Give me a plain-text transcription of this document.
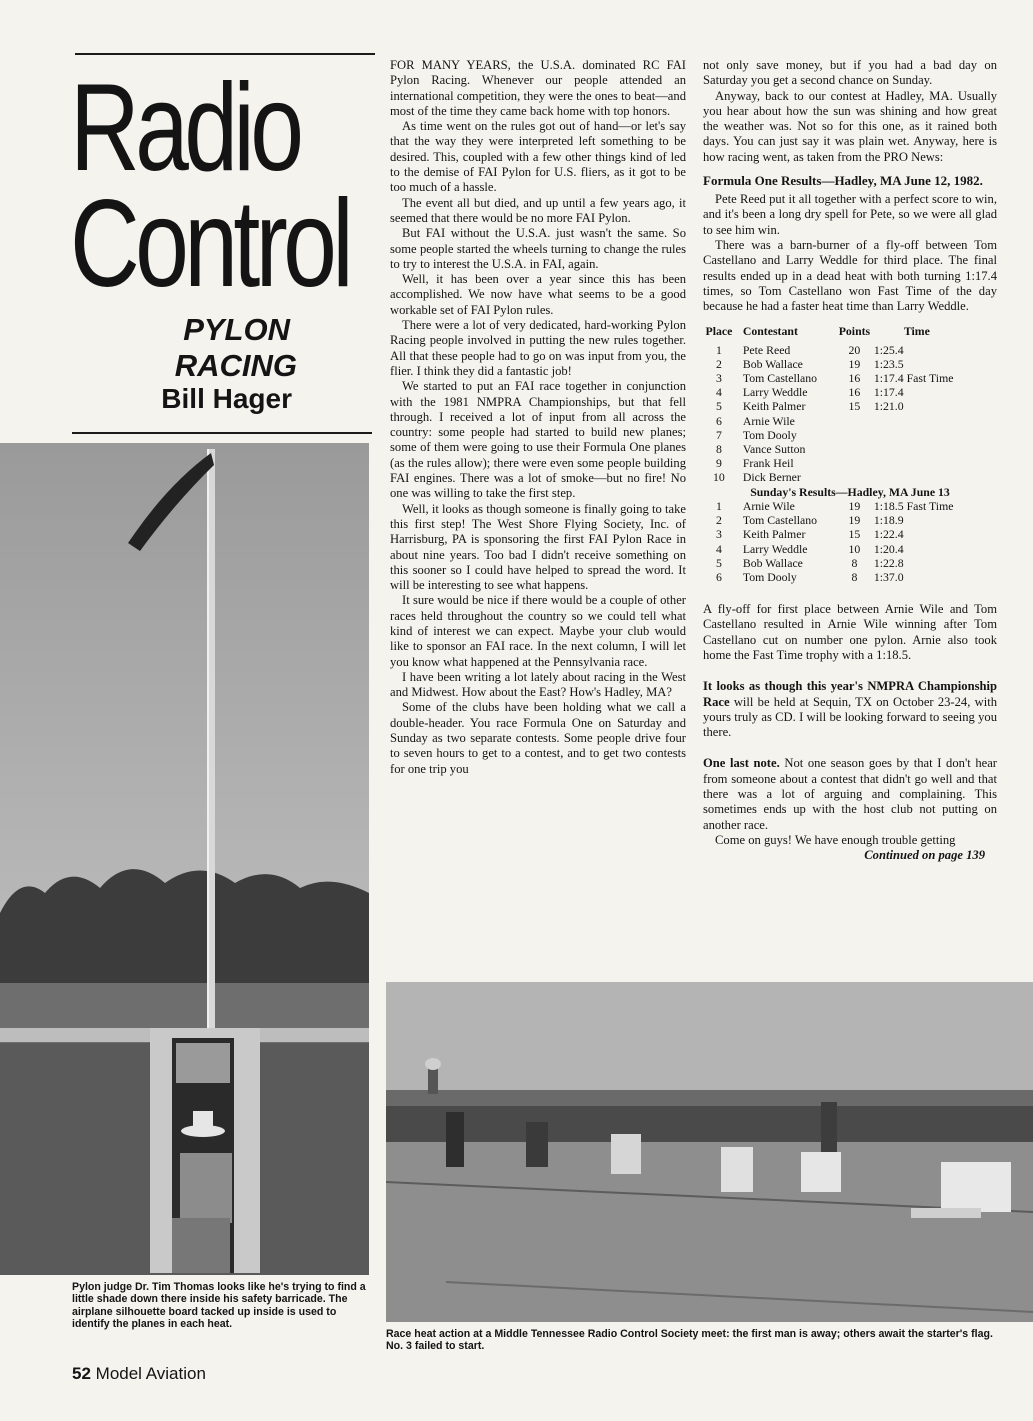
Radio
Control
PYLON
RACING
Bill Hager
Pylon judge Dr. Tim Thomas looks like he's trying to find a little shade down there inside his safety barricade. The airplane silhouette board tacked up inside is used to identify the planes in each heat.

FOR MANY YEARS, the U.S.A. dominated RC FAI Pylon Racing. Whenever our people attended an international competition, they were the ones to beat—and most of the time they came back home with top honors.

As time went on the rules got out of hand—or let's say that the way they were interpreted left something to be desired. This, coupled with a few other things kind of led to the demise of FAI Pylon for U.S. fliers, as it got to be too much of a hassle.

The event all but died, and up until a few years ago, it seemed that there would be no more FAI Pylon.

But FAI without the U.S.A. just wasn't the same. So some people started the wheels turning to change the rules to try to interest the U.S.A. in FAI, again.

Well, it has been over a year since this has been accomplished. We now have what seems to be a good workable set of FAI Pylon rules.

There were a lot of very dedicated, hard-working Pylon Racing people involved in putting the new rules together. All that these people had to go on was input from you, the flier. I think they did a fantastic job!

We started to put an FAI race together in conjunction with the 1981 NMPRA Championships, but that fell through. I received a lot of input from all across the country: some people had started to build new planes; some of them were going to use their Formula One planes (as the rules allow); there were even some people building FAI engines. There was a lot of smoke—but no fire! No one was willing to take the first step.

Well, it looks as though someone is finally going to take this first step! The West Shore Flying Society, Inc. of Harrisburg, PA is sponsoring the first FAI Pylon Race in about nine years. Too bad I didn't receive something on this sooner so I could have helped to spread the word. It will be interesting to see what happens.

It sure would be nice if there would be a couple of other races held throughout the country so we could tell what kind of interest we can expect. Maybe your club would like to sponsor an FAI race. In the next column, I will let you know what happened at the Pennsylvania race.

I have been writing a lot lately about racing in the West and Midwest. How about the East? How's Hadley, MA?

Some of the clubs have been holding what we call a double-header. You race Formula One on Saturday and Sunday as two separate contests. Some people drive four to seven hours to get to a contest, and to get two contests for one trip you

not only save money, but if you had a bad day on Saturday you get a second chance on Sunday.

Anyway, back to our contest at Hadley, MA. Usually you hear about how the sun was shining and how great the weather was. Not so for this one, as it rained both days. You can just say it was plain wet. Anyway, here is how racing went, as taken from the PRO News:

Formula One Results—Hadley, MA June 12, 1982.

Pete Reed put it all together with a perfect score to win, and it's been a long dry spell for Pete, so we were all glad to see him win.

There was a barn-burner of a fly-off between Tom Castellano and Larry Weddle for third place. The final results ended up in a dead heat with both turning 1:17.4 times, so Tom Castellano won Fast Time of the day because he had a faster heat time than Larry Weddle.

Place	Contestant	Points	Time
1	Pete Reed	20	1:25.4
2	Bob Wallace	19	1:23.5
3	Tom Castellano	16	1:17.4 Fast Time
4	Larry Weddle	16	1:17.4
5	Keith Palmer	15	1:21.0
6	Arnie Wile		
7	Tom Dooly		
8	Vance Sutton		
9	Frank Heil		
10	Dick Berner		
Sunday's Results—Hadley, MA June 13			
1	Arnie Wile	19	1:18.5 Fast Time
2	Tom Castellano	19	1:18.9
3	Keith Palmer	15	1:22.4
4	Larry Weddle	10	1:20.4
5	Bob Wallace	8	1:22.8
6	Tom Dooly	8	1:37.0

A fly-off for first place between Arnie Wile and Tom Castellano resulted in Arnie Wile winning after Tom Castellano cut on number one pylon. Arnie also took home the Fast Time trophy with a 1:18.5.

It looks as though this year's NMPRA Championship Race will be held at Sequin, TX on October 23-24, with yours truly as CD. I will be looking forward to seeing you there.

One last note. Not one season goes by that I don't hear from someone about a contest that didn't go well and that there was a lot of arguing and complaining. This sometimes ends up with the host club not putting on another race.

Come on guys! We have enough trouble getting

Continued on page 139

Race heat action at a Middle Tennessee Radio Control Society meet: the first man is away; others await the starter's flag. No. 3 failed to start.
52 Model Aviation
